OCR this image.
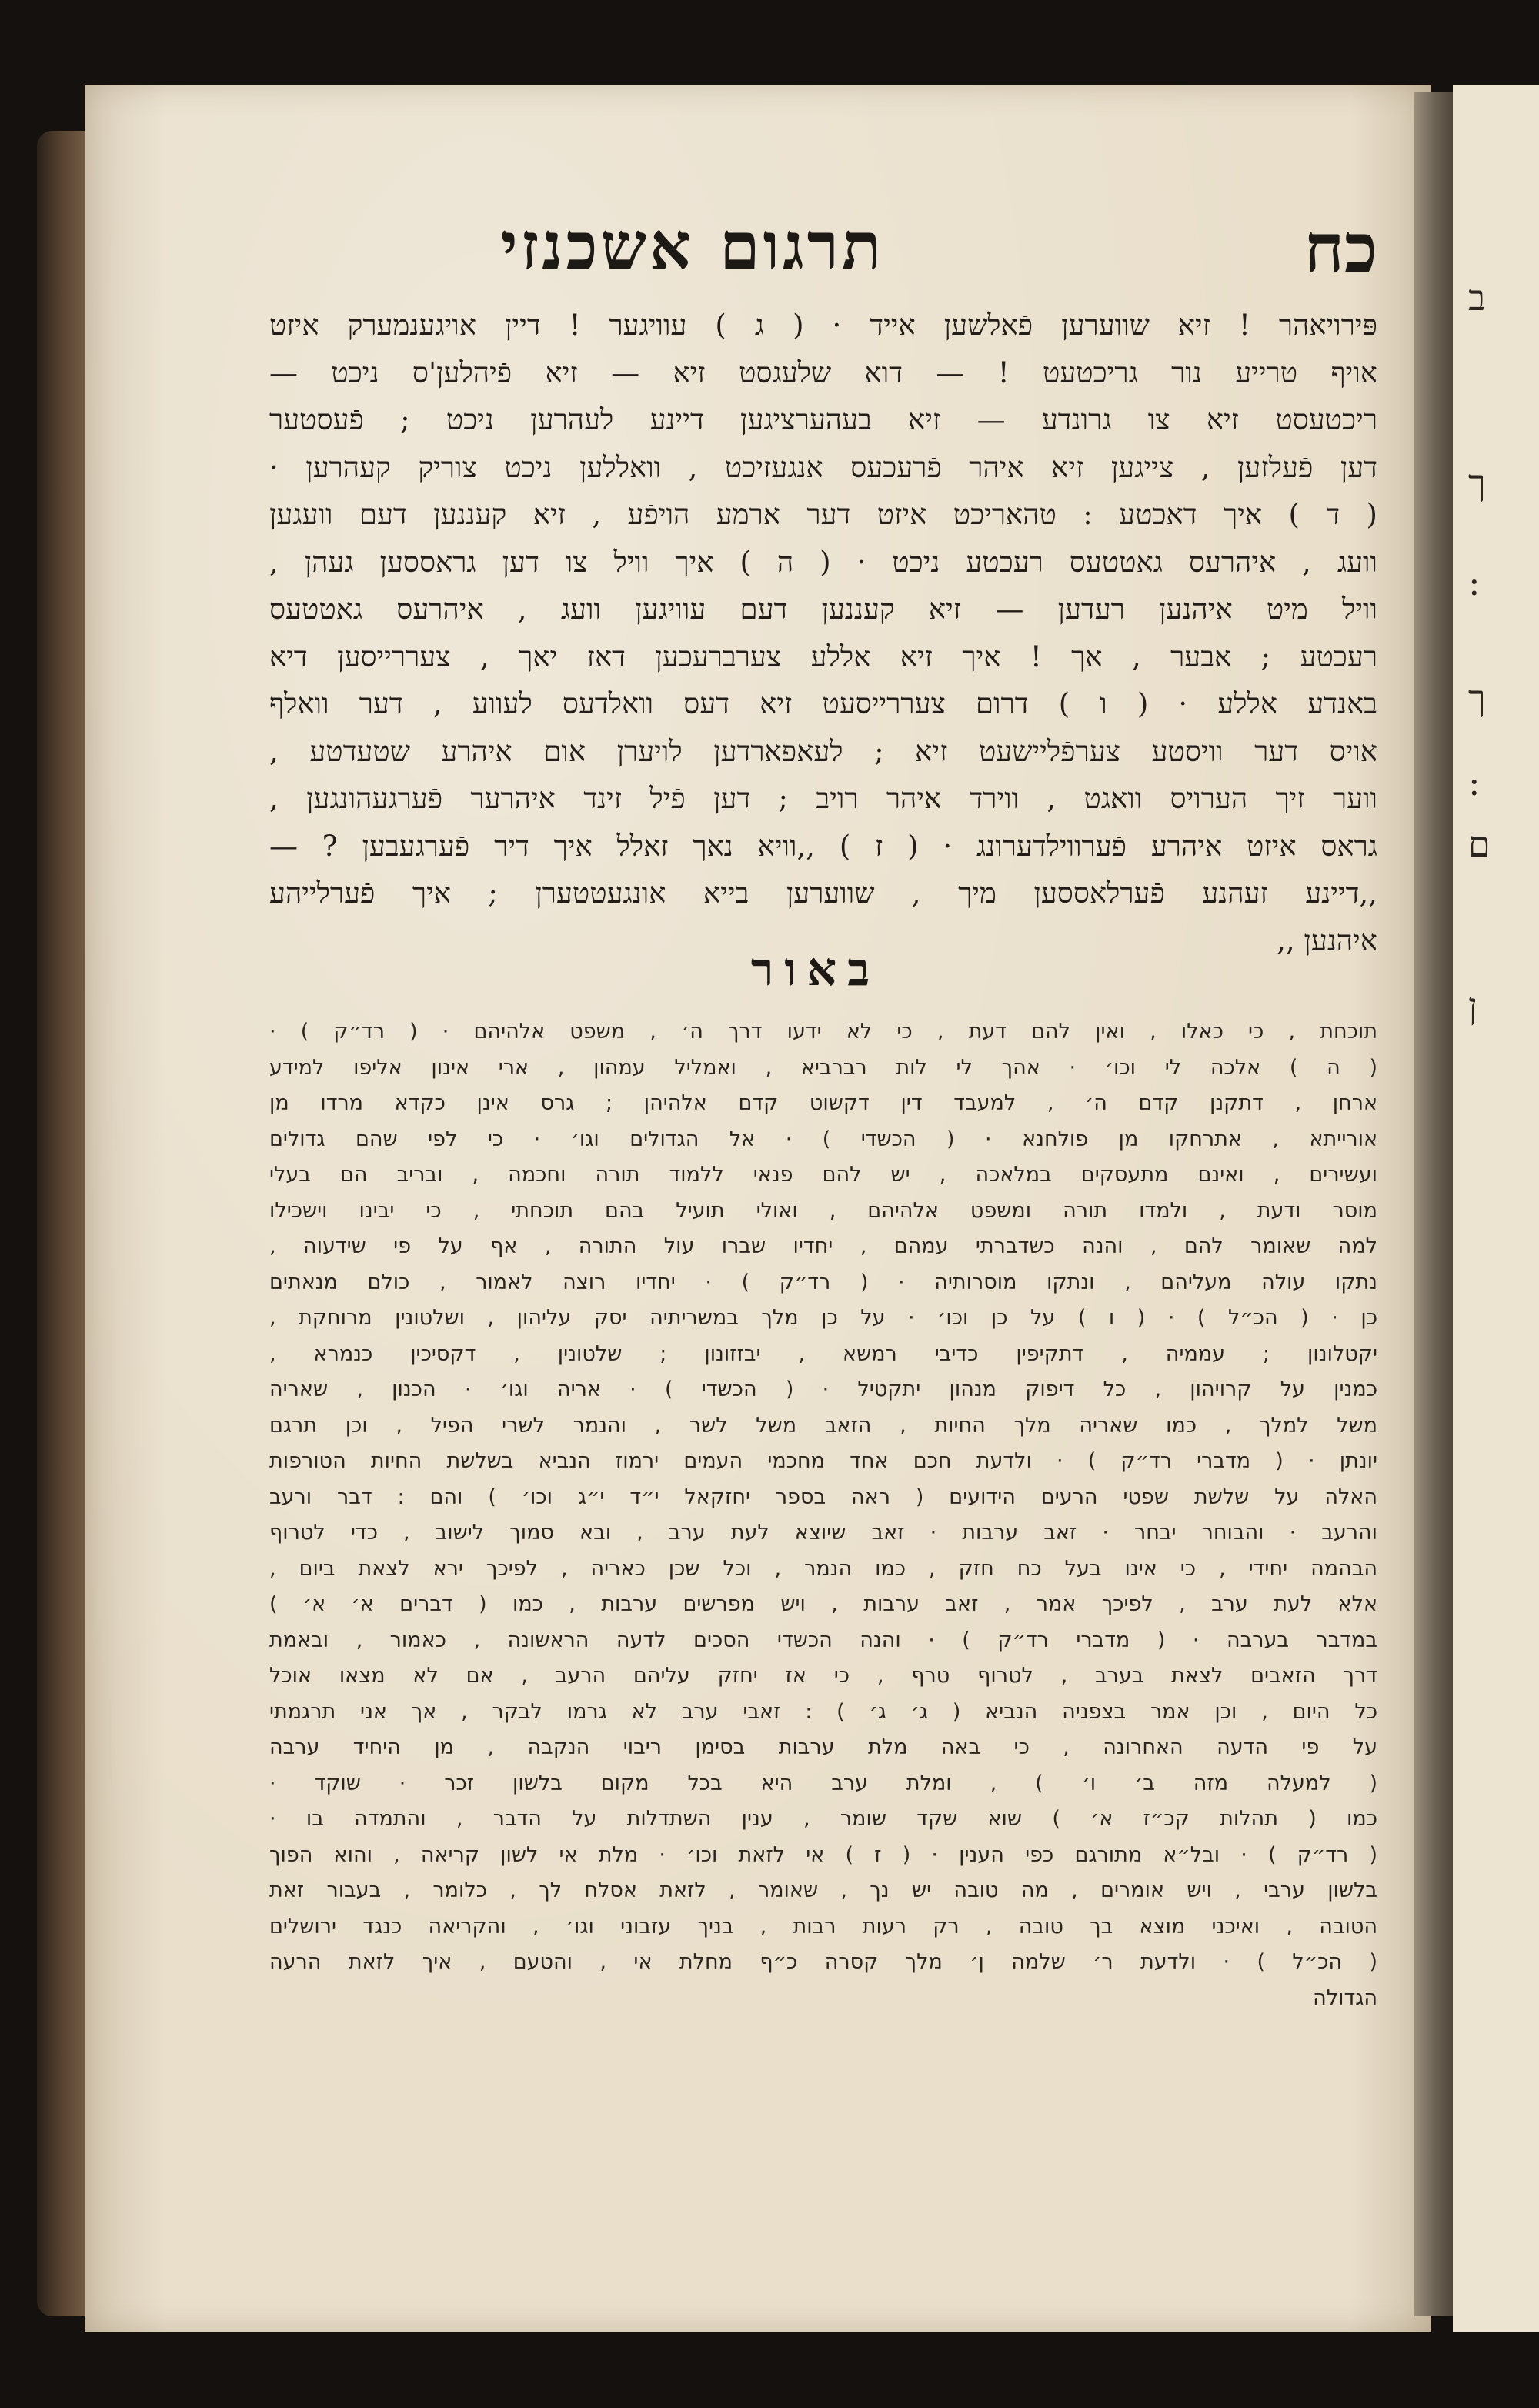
ב
ך
:
ך
:
ם
ן
תרגום אשכנזי	כח
פּירויאהר ! זיא שווערען פֿאלשען אייד · ( ג ) עוויגער ! דיין אויגענמערק איזט
אויף טרייע נור גריכטעט ! — דוא שלעגסט זיא — זיא פֿיהלען'ס ניכט —
ריכטעסט זיא צו גרונדע — זיא בעהערציגען דיינע לעהרען ניכט ; פֿעסטער
דען פֿעלזען , צייגען זיא איהר פֿרעכעס אנגעזיכט , וואללען ניכט צוריק קעהרען ·
( ד ) איך דאכטע : טהאריכט איזט דער ארמע הויפֿע , זיא קעננען דעם וועגען
וועג , איהרעס גאטטעס רעכטע ניכט · ( ה ) איך וויל צו דען גראססען געהן ,
וויל מיט איהנען רעדען — זיא קעננען דעם עוויגען וועג , איהרעס גאטטעס
רעכטע ; אבער , אך ! איך זיא אללע צערברעכען דאז יאך , צעררייסען דיא
באנדע אללע · ( ו ) דרום צעררייסעט זיא דעס וואלדעס לעווע , דער וואלף
אויס דער וויסטע צערפֿליישעט זיא ; לעאפארדען לויערן אום איהרע שטעדטע ,
ווער זיך הערויס וואגט , ווירד איהר רויב ; דען פֿיל זינד איהרער פֿערגעהונגען ,
גראס איזט איהרע פֿערווילדערונג · ( ז ) ,,וויא נאך זאלל איך דיר פֿערגעבען ? —
,,דיינע זעהנע פֿערלאססען מיך , שווערען בייא אונגעטטערן ; איך פֿערלייהע
איהנען ,,
באור
תוכחת , כי כאלו , ואין להם דעת , כי לא ידעו דרך ה׳ , משפט אלהיהם · ( רד״ק ) ·
( ה ) אלכה לי וכו׳ · אהך לי לות רברביא , ואמליל עמהון , ארי אינון אליפו למידע
ארחן , דתקנן קדם ה׳ , למעבד דין דקשוט קדם אלהיהן ; גרס אינן כקדא מרדו מן
אורייתא , אתרחקו מן פולחנא · ( הכשדי ) · אל הגדולים וגו׳ · כי לפי שהם גדולים
ועשירים , ואינם מתעסקים במלאכה , יש להם פנאי ללמוד תורה וחכמה , ובריב הם בעלי
מוסר ודעת , ולמדו תורה ומשפט אלהיהם , ואולי תועיל בהם תוכחתי , כי יבינו וישכילו
למה שאומר להם , והנה כשדברתי עמהם , יחדיו שברו עול התורה , אף על פי שידעוה ,
נתקו עולה מעליהם , ונתקו מוסרותיה · ( רד״ק ) · יחדיו רוצה לאמור , כולם מנאתים
כן · ( הכ״ל ) · ( ו ) על כן וכו׳ · על כן מלך במשריתיה יסק עליהון , ושלטונין מרוחקת ,
יקטלונון ; עממיה , דתקיפין כדיבי רמשא , יבזזונון ; שלטונין , דקסיכין כנמרא ,
כמנין על קרויהון , כל דיפוק מנהון יתקטיל · ( הכשדי ) · אריה וגו׳ · הכנון , שאריה
משל למלך , כמו שאריה מלך החיות , הזאב משל לשר , והנמר לשרי הפיל , וכן תרגם
יונתן · ( מדברי רד״ק ) · ולדעת חכם אחד מחכמי העמים ירמוז הנביא בשלשת החיות הטורפות
האלה על שלשת שפטי הרעים הידועים ( ראה בספר יחזקאל י״ד י״ג וכו׳ ) והם : דבר ורעב
והרעב · והבוחר יבחר · זאב ערבות · זאב שיוצא לעת ערב , ובא סמוך לישוב , כדי לטרוף
הבהמה יחידי , כי אינו בעל כח חזק , כמו הנמר , וכל שכן כאריה , לפיכך ירא לצאת ביום ,
אלא לעת ערב , לפיכך אמר , זאב ערבות , ויש מפרשים ערבות , כמו ( דברים א׳ א׳ )
במדבר בערבה · ( מדברי רד״ק ) · והנה הכשדי הסכים לדעה הראשונה , כאמור , ובאמת
דרך הזאבים לצאת בערב , לטרוף טרף , כי אז יחזק עליהם הרעב , אם לא מצאו אוכל
כל היום , וכן אמר בצפניה הנביא ( ג׳ ג׳ ) : זאבי ערב לא גרמו לבקר , אך אני תרגמתי
על פי הדעה האחרונה , כי באה מלת ערבות בסימן ריבוי הנקבה , מן היחיד ערבה
( למעלה מזה ב׳ ו׳ ) , ומלת ערב היא בכל מקום בלשון זכר · שוקד ·
כמו ( תהלות קכ״ז א׳ ) שוא שקד שומר , ענין השתדלות על הדבר , והתמדה בו ·
( רד״ק ) · ובל״א מתורגם כפי הענין · ( ז ) אי לזאת וכו׳ · מלת אי לשון קריאה , והוא הפוך
בלשון ערבי , ויש אומרים , מה טובה יש נך , שאומר , לזאת אסלח לך , כלומר , בעבור זאת
הטובה , ואיכני מוצא בך טובה , רק רעות רבות , בניך עזבוני וגו׳ , והקריאה כנגד ירושלים
( הכ״ל ) · ולדעת ר׳ שלמה ן׳ מלך קסרה כ״ף מחלת אי , והטעם , איך לזאת הרעה
הגדולה
